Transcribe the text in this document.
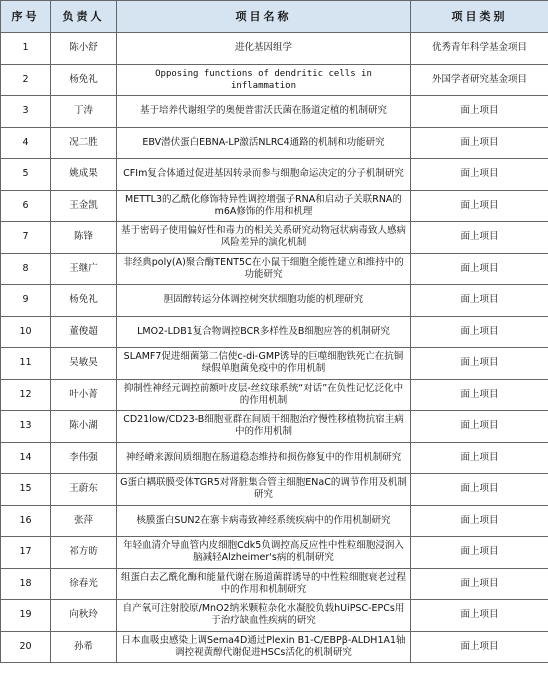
序号	负责人	项目名称	项目类别
1	陈小舒	进化基因组学	优秀青年科学基金项目
2	杨免礼	Opposing functions of dendritic cells in inflammation	外国学者研究基金项目
3	丁涛	基于培养代谢组学的奥便普雷沃氏菌在肠道定植的机制研究	面上项目
4	况二胜	EBV潜伏蛋白EBNA-LP激活NLRC4通路的机制和功能研究	面上项目
5	姚成果	CFIm复合体通过促进基因转录而参与细胞命运决定的分子机制研究	面上项目
6	王金凯	METTL3的乙酰化修饰特异性调控增强子RNA和启动子关联RNA的m6A修饰的作用和机理	面上项目
7	陈锋	基于密码子使用偏好性和毒力的相关关系研究动物冠状病毒致人感病风险差异的演化机制	面上项目
8	王继广	非经典poly(A)聚合酶TENT5C在小鼠干细胞全能性建立和维持中的功能研究	面上项目
9	杨免礼	胆固醇转运分体调控树突状细胞功能的机理研究	面上项目
10	董俊超	LMO2-LDB1复合物调控BCR多样性及B细胞应答的机制研究	面上项目
11	吴敏昊	SLAMF7促进细菌第二信使c-di-GMP诱导的巨噬细胞铁死亡在抗铜绿假单胞菌免疫中的作用机制	面上项目
12	叶小菁	抑制性神经元调控前额叶皮层-丝纹球系统“对话”在负性记忆泛化中的作用机制	面上项目
13	陈小湖	CD21low/CD23-B细胞亚群在间质干细胞治疗慢性移植物抗宿主病中的作用机制	面上项目
14	李伟强	神经嵴来源间质细胞在肠道稳态维持和损伤修复中的作用机制研究	面上项目
15	王蔚东	G蛋白耦联膜受体TGR5对肾脏集合管主细胞ENaC的调节作用及机制研究	面上项目
16	张萍	核膜蛋白SUN2在寨卡病毒致神经系统疾病中的作用机制研究	面上项目
17	祁方昉	年轻血清介导血管内皮细胞Cdk5负调控高反应性中性粒细胞浸润入脑减轻Alzheimer's病的机制研究	面上项目
18	徐春光	组蛋白去乙酰化酶和能量代谢在肠道菌群诱导的中性粒细胞衰老过程中的作用和机制研究	面上项目
19	向秋玲	自产氧可注射胶原/MnO2纳米颗粒杂化水凝胶负载hUiPSC-EPCs用于治疗缺血性疾病的研究	面上项目
20	孙希	日本血吸虫感染上调Sema4D通过Plexin B1-C/EBPβ-ALDH1A1轴调控视黄醇代谢促进HSCs活化的机制研究	面上项目
